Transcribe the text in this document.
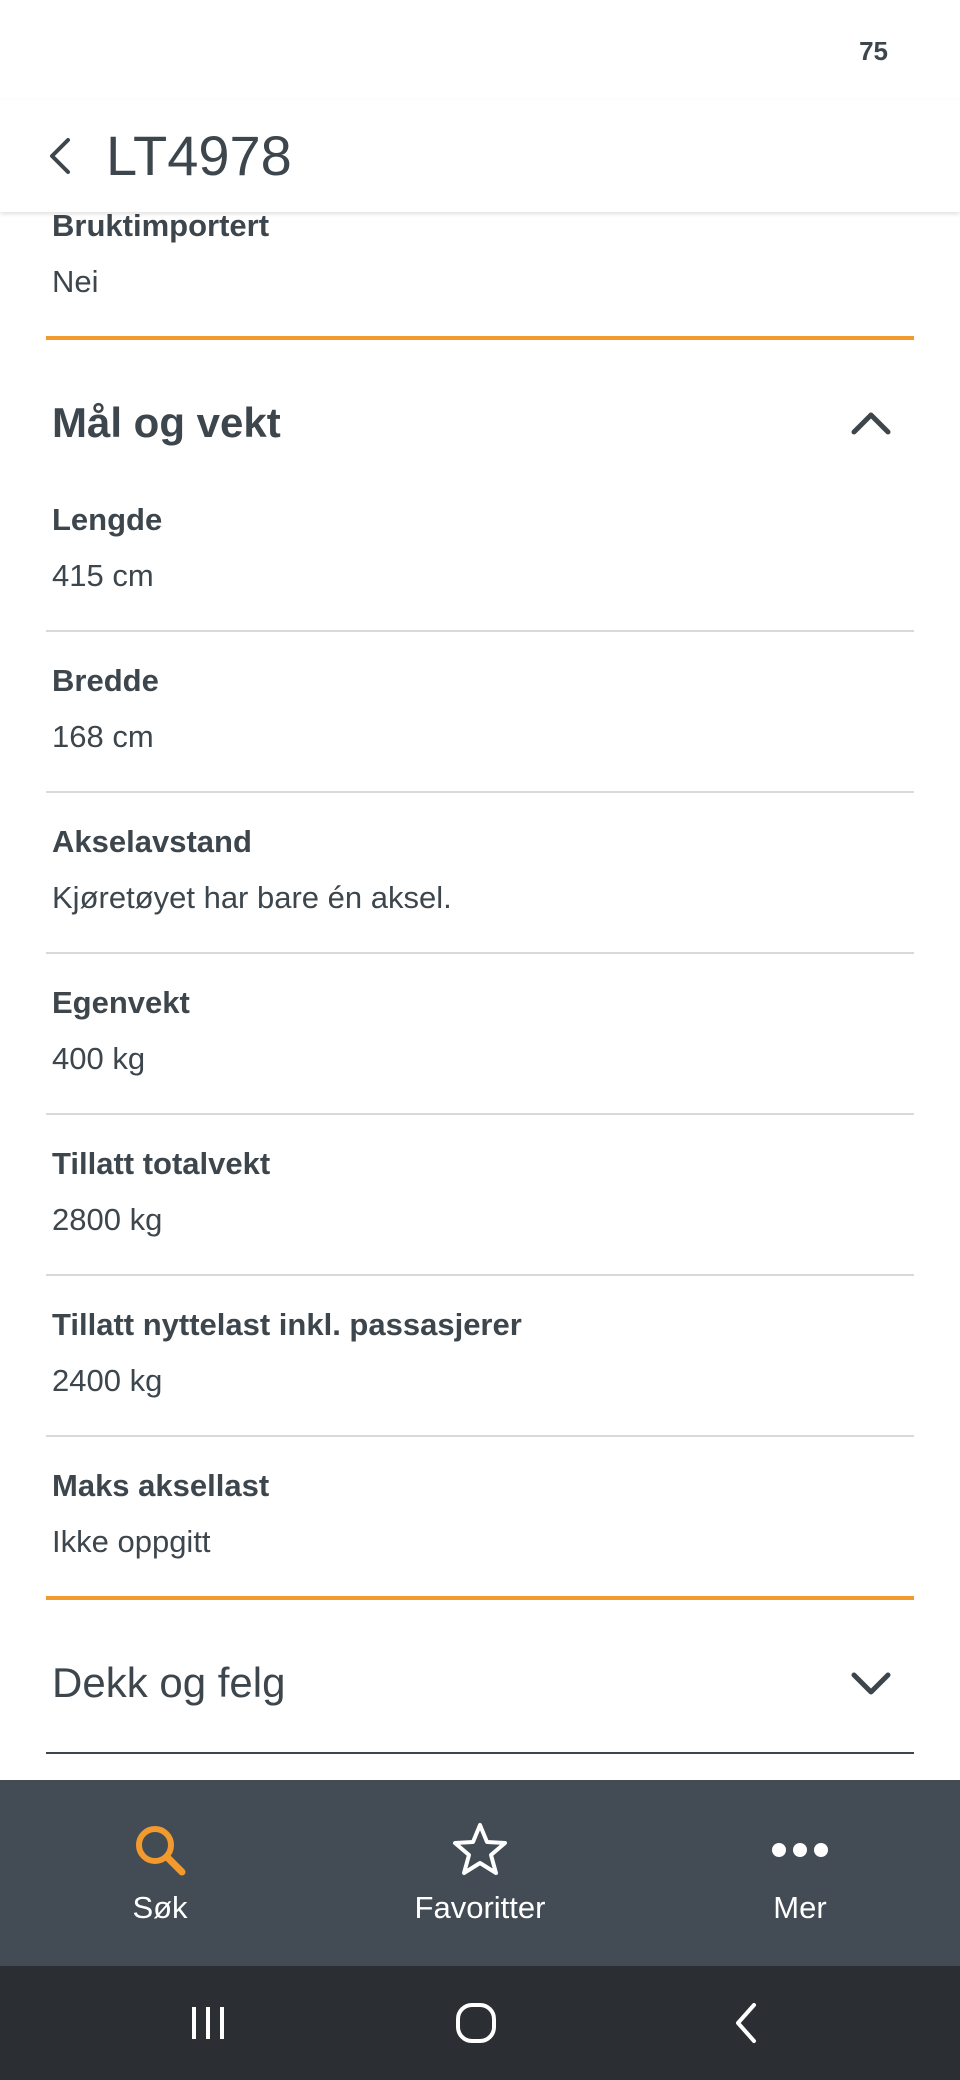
75
LT4978
Bruktimportert
Nei
Mål og vekt
Lengde
415 cm
Bredde
168 cm
Akselavstand
Kjøretøyet har bare én aksel.
Egenvekt
400 kg
Tillatt totalvekt
2800 kg
Tillatt nyttelast inkl. passasjerer
2400 kg
Maks aksellast
Ikke oppgitt
Dekk og felg
Søk	Favoritter	Mer
